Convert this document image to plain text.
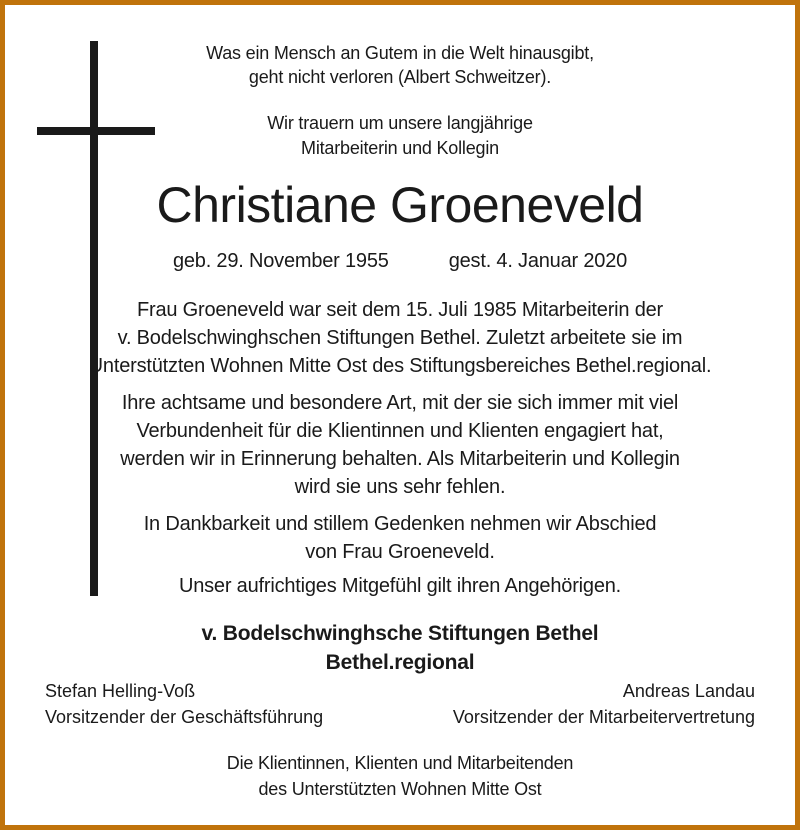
Was ein Mensch an Gutem in die Welt hinausgibt,
geht nicht verloren (Albert Schweitzer).
Wir trauern um unsere langjährige
Mitarbeiterin und Kollegin
Christiane Groeneveld
geb. 29. November 1955	gest. 4. Januar 2020
Frau Groeneveld war seit dem 15. Juli 1985 Mitarbeiterin der
v. Bodelschwinghschen Stiftungen Bethel. Zuletzt arbeitete sie im
Unterstützten Wohnen Mitte Ost des Stiftungsbereiches Bethel.regional.
Ihre achtsame und besondere Art, mit der sie sich immer mit viel
Verbundenheit für die Klientinnen und Klienten engagiert hat,
werden wir in Erinnerung behalten. Als Mitarbeiterin und Kollegin
wird sie uns sehr fehlen.
In Dankbarkeit und stillem Gedenken nehmen wir Abschied
von Frau Groeneveld.
Unser aufrichtiges Mitgefühl gilt ihren Angehörigen.
v. Bodelschwinghsche Stiftungen Bethel
Bethel.regional
Stefan Helling-Voß
Vorsitzender der Geschäftsführung
Andreas Landau
Vorsitzender der Mitarbeitervertretung
Die Klientinnen, Klienten und Mitarbeitenden
des Unterstützten Wohnen Mitte Ost
